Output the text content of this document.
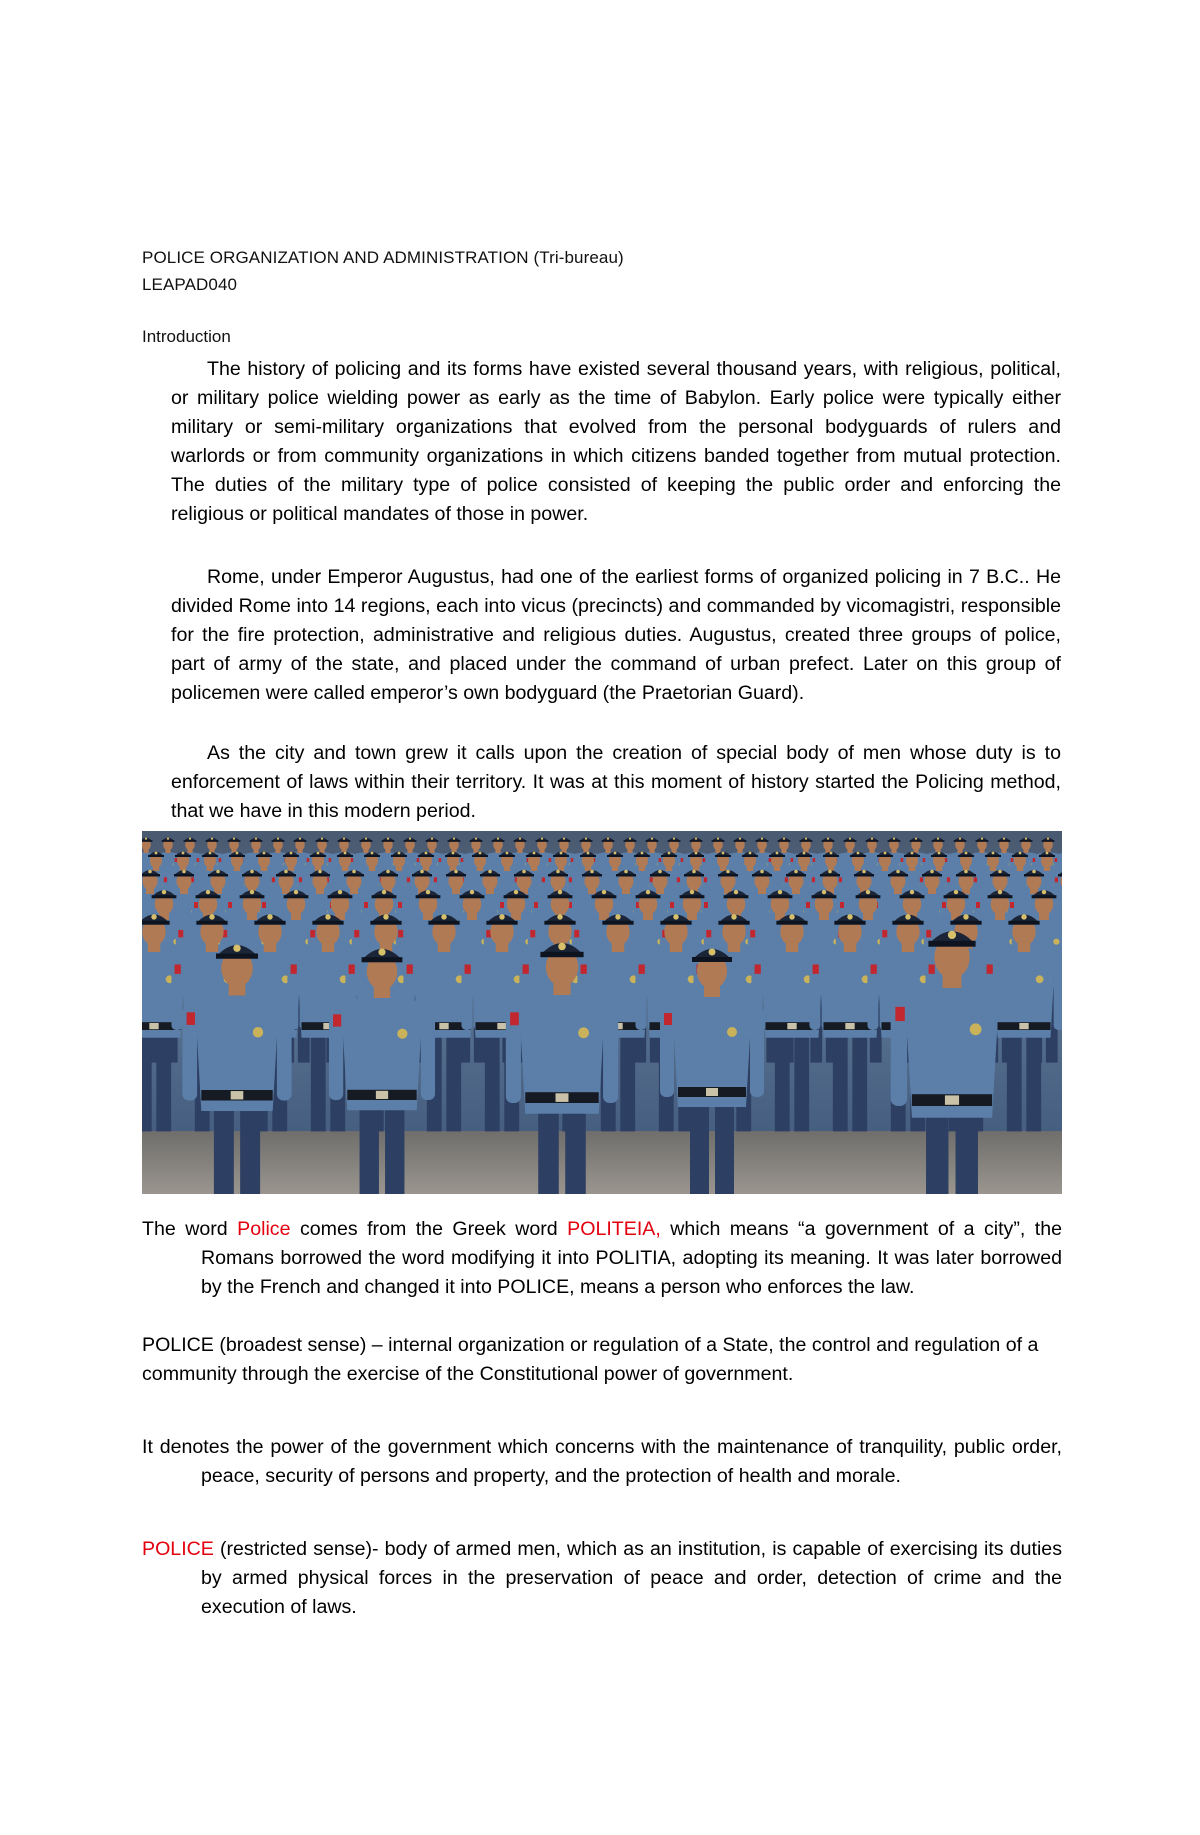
POLICE ORGANIZATION AND ADMINISTRATION (Tri-bureau)
LEAPAD040
Introduction
The history of policing and its forms have existed several thousand years, with religious, political, or military police wielding power as early as the time of Babylon. Early police were typically either military or semi-military organizations that evolved from the personal bodyguards of rulers and warlords or from community organizations in which citizens banded together from mutual protection. The duties of the military type of police consisted of keeping the public order and enforcing the religious or political mandates of those in power.
Rome, under Emperor Augustus, had one of the earliest forms of organized policing in 7 B.C.. He divided Rome into 14 regions, each into vicus (precincts) and commanded by vicomagistri, responsible for the fire protection, administrative and religious duties. Augustus, created three groups of police, part of army of the state, and placed under the command of urban prefect. Later on this group of policemen were called emperor’s own bodyguard (the Praetorian Guard).
As the city and town grew it calls upon the creation of special body of men whose duty is to enforcement of laws within their territory. It was at this moment of history started the Policing method, that we have in this modern period.
The word Police comes from the Greek word POLITEIA, which means “a government of a city”, the Romans borrowed the word modifying it into POLITIA, adopting its meaning. It was later borrowed by the French and changed it into POLICE, means a person who enforces the law.
POLICE (broadest sense) – internal organization or regulation of a State, the control and regulation of a community through the exercise of the Constitutional power of government.
It denotes the power of the government which concerns with the maintenance of tranquility, public order, peace, security of persons and property, and the protection of health and morale.
POLICE (restricted sense)- body of armed men, which as an institution, is capable of exercising its duties by armed physical forces in the preservation of peace and order, detection of crime and the execution of laws.
